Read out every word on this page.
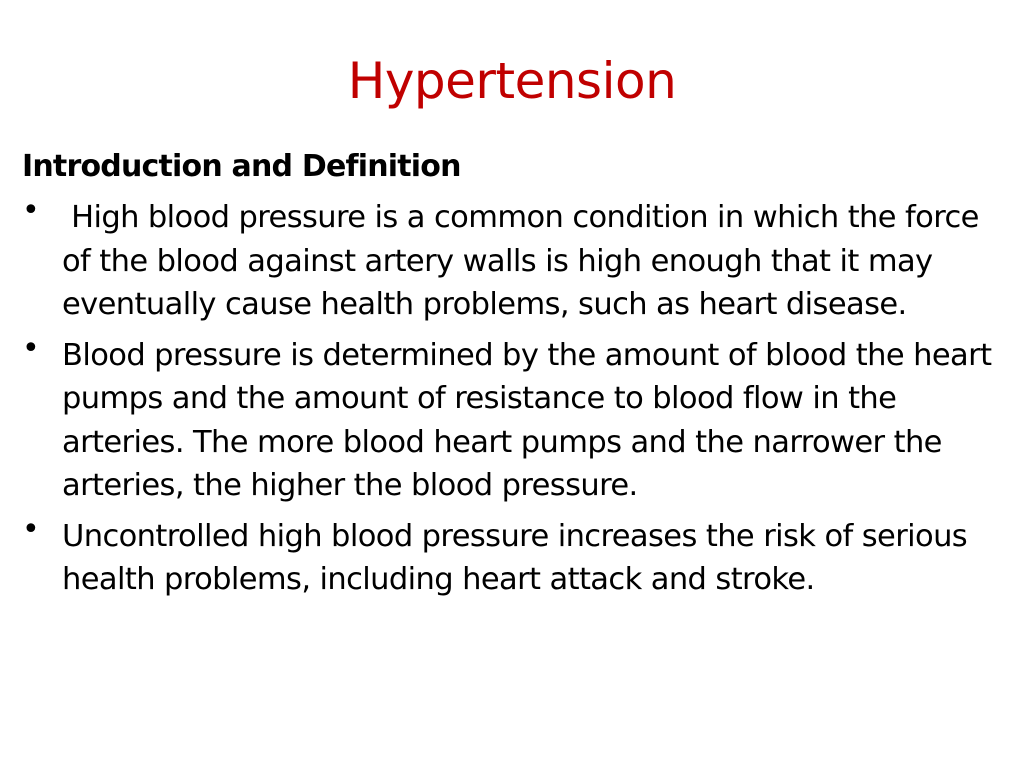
Hypertension
Introduction and Definition
• High blood pressure is a common condition in which the force of the blood against artery walls is high enough that it may eventually cause health problems, such as heart disease.
• Blood pressure is determined by the amount of blood the heart pumps and the amount of resistance to blood flow in the arteries. The more blood heart pumps and the narrower the arteries, the higher the blood pressure.
• Uncontrolled high blood pressure increases the risk of serious health problems, including heart attack and stroke.
